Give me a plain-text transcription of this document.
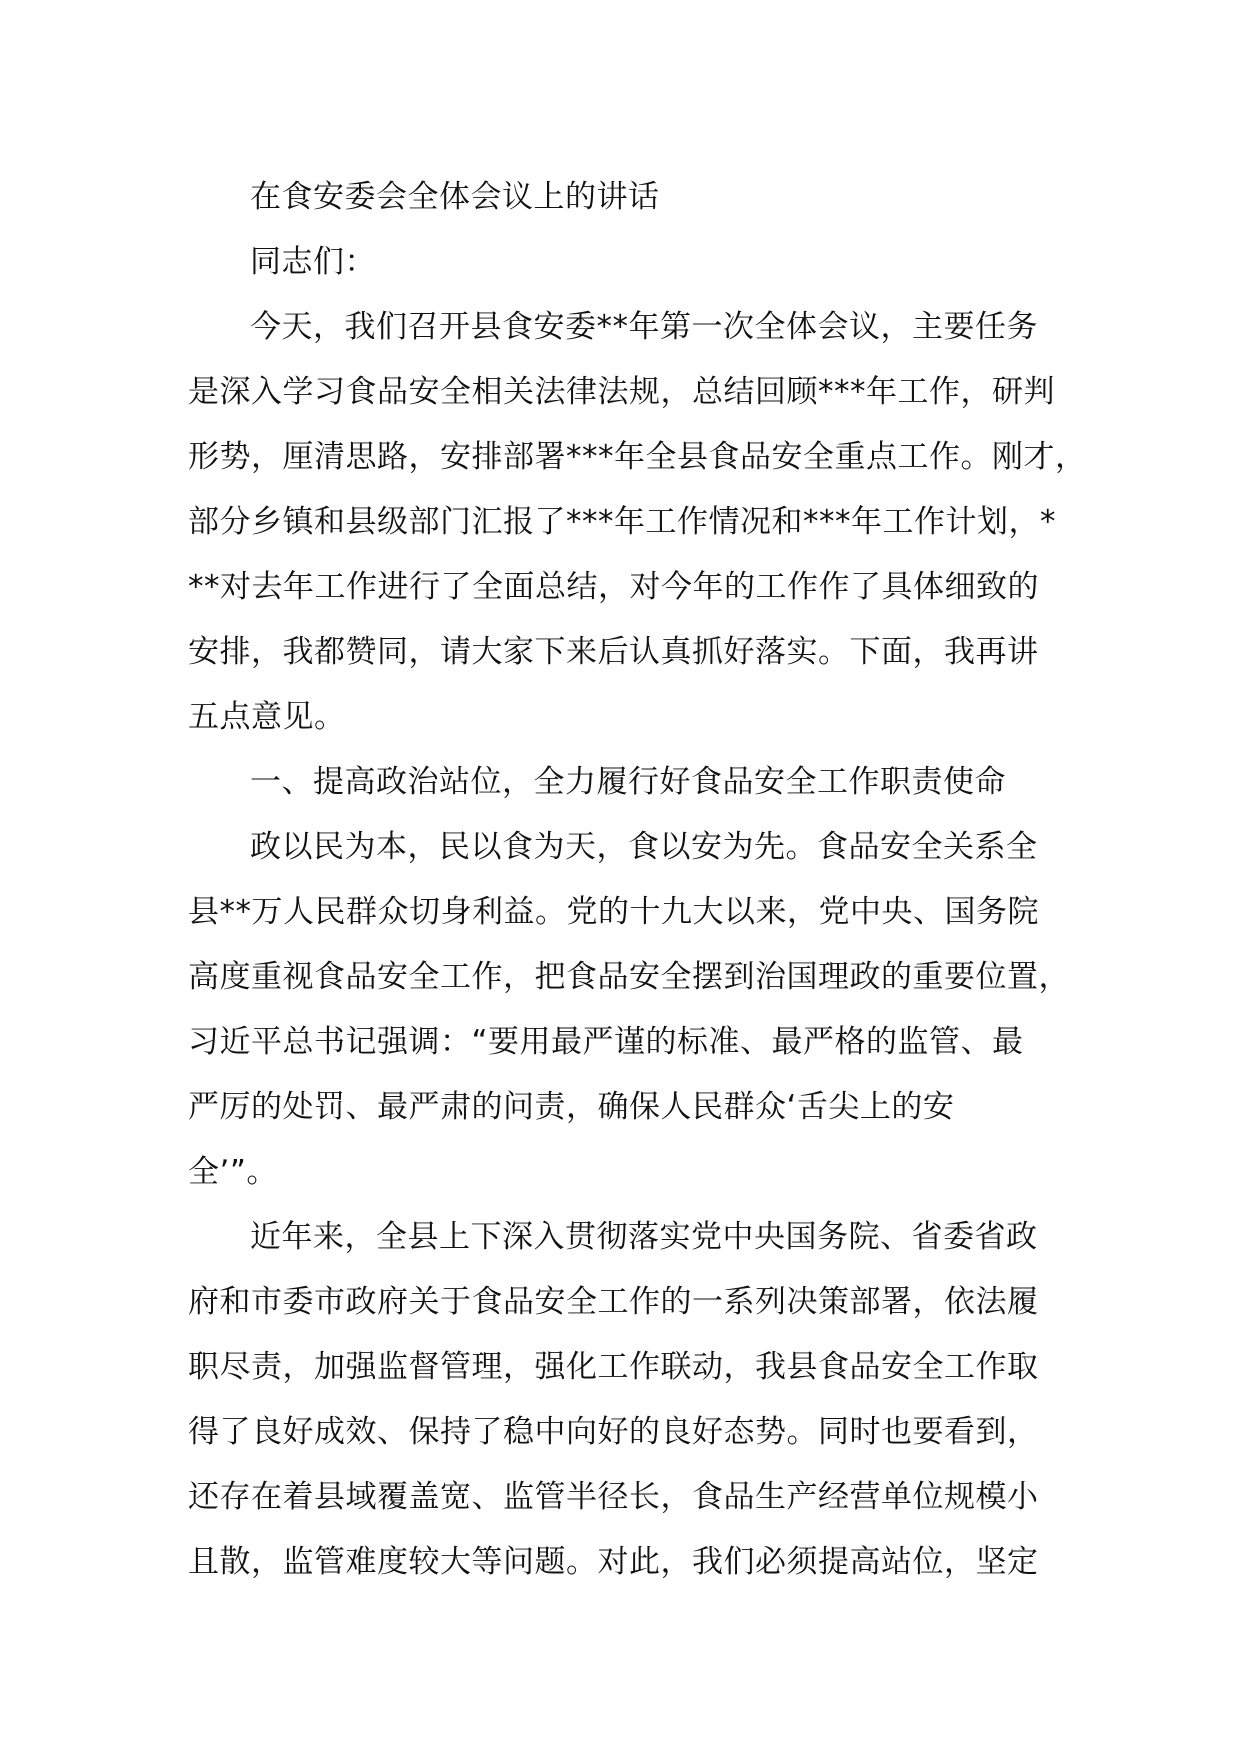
在食安委会全体会议上的讲话
同志们：
今天，我们召开县食安委**年第一次全体会议，主要任务
是深入学习食品安全相关法律法规，总结回顾***年工作，研判
形势，厘清思路，安排部署***年全县食品安全重点工作。刚才，
部分乡镇和县级部门汇报了***年工作情况和***年工作计划，*
**对去年工作进行了全面总结，对今年的工作作了具体细致的
安排，我都赞同，请大家下来后认真抓好落实。下面，我再讲
五点意见。
一、提高政治站位，全力履行好食品安全工作职责使命
政以民为本，民以食为天，食以安为先。食品安全关系全
县**万人民群众切身利益。党的十九大以来，党中央、国务院
高度重视食品安全工作，把食品安全摆到治国理政的重要位置，
习近平总书记强调：“要用最严谨的标准、最严格的监管、最
严厉的处罚、最严肃的问责，确保人民群众‘舌尖上的安
全’”。
近年来，全县上下深入贯彻落实党中央国务院、省委省政
府和市委市政府关于食品安全工作的一系列决策部署，依法履
职尽责，加强监督管理，强化工作联动，我县食品安全工作取
得了良好成效、保持了稳中向好的良好态势。同时也要看到，
还存在着县域覆盖宽、监管半径长，食品生产经营单位规模小
且散，监管难度较大等问题。对此，我们必须提高站位，坚定
